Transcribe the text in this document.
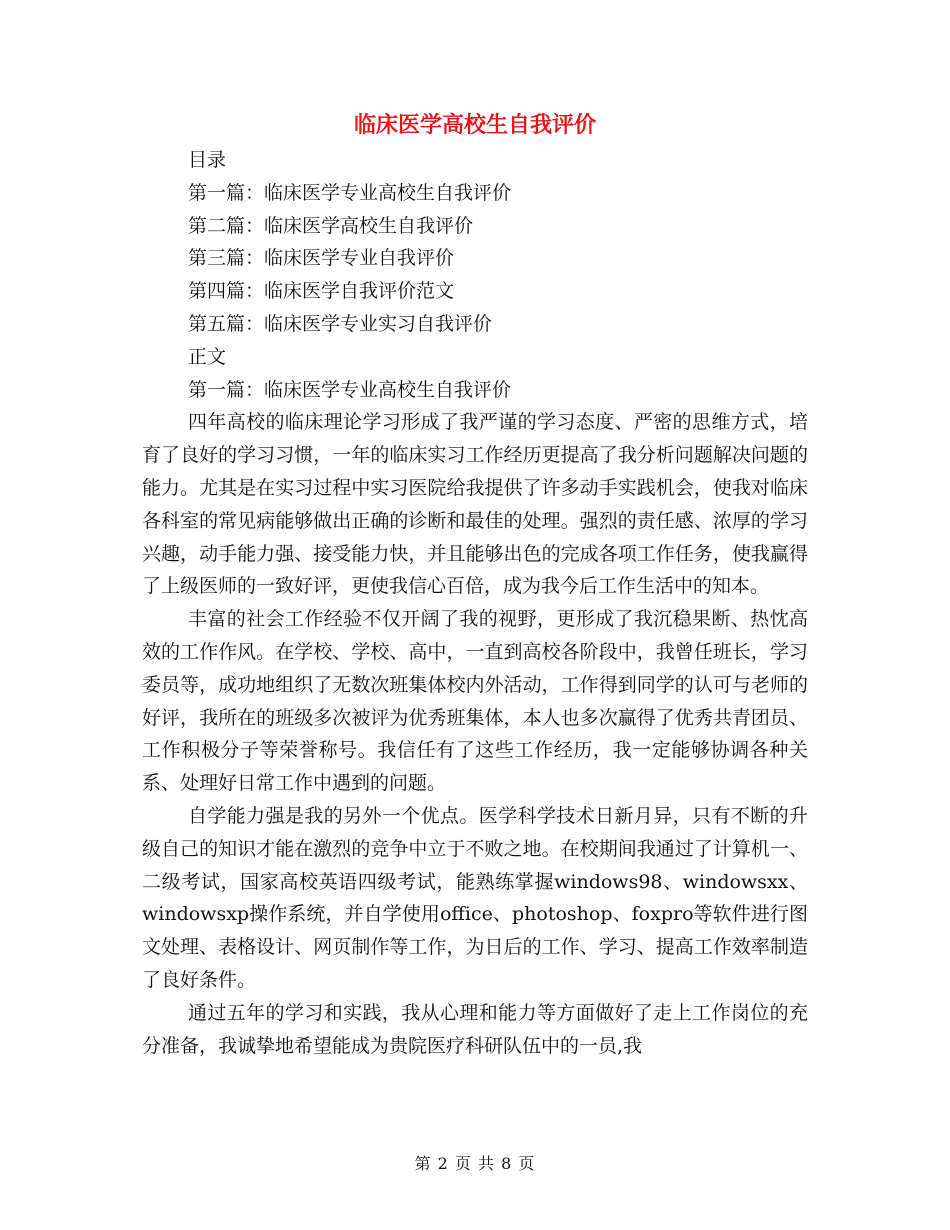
临床医学高校生自我评价
目录
第一篇：临床医学专业高校生自我评价
第二篇：临床医学高校生自我评价
第三篇：临床医学专业自我评价
第四篇：临床医学自我评价范文
第五篇：临床医学专业实习自我评价
正文
第一篇：临床医学专业高校生自我评价
四年高校的临床理论学习形成了我严谨的学习态度、严密的思维方式，培育了良好的学习习惯，一年的临床实习工作经历更提高了我分析问题解决问题的能力。尤其是在实习过程中实习医院给我提供了许多动手实践机会，使我对临床各科室的常见病能够做出正确的诊断和最佳的处理。强烈的责任感、浓厚的学习兴趣，动手能力强、接受能力快，并且能够出色的完成各项工作任务，使我赢得了上级医师的一致好评，更使我信心百倍，成为我今后工作生活中的知本。
丰富的社会工作经验不仅开阔了我的视野，更形成了我沉稳果断、热忱高效的工作作风。在学校、学校、高中，一直到高校各阶段中，我曾任班长，学习委员等，成功地组织了无数次班集体校内外活动，工作得到同学的认可与老师的好评，我所在的班级多次被评为优秀班集体，本人也多次赢得了优秀共青团员、工作积极分子等荣誉称号。我信任有了这些工作经历，我一定能够协调各种关系、处理好日常工作中遇到的问题。
自学能力强是我的另外一个优点。医学科学技术日新月异，只有不断的升级自己的知识才能在激烈的竞争中立于不败之地。在校期间我通过了计算机一、二级考试，国家高校英语四级考试，能熟练掌握windows98、windowsxx、windowsxp操作系统，并自学使用office、photoshop、foxpro等软件进行图文处理、表格设计、网页制作等工作，为日后的工作、学习、提高工作效率制造了良好条件。
通过五年的学习和实践，我从心理和能力等方面做好了走上工作岗位的充分准备，我诚挚地希望能成为贵院医疗科研队伍中的一员,我
第 2 页 共 8 页
